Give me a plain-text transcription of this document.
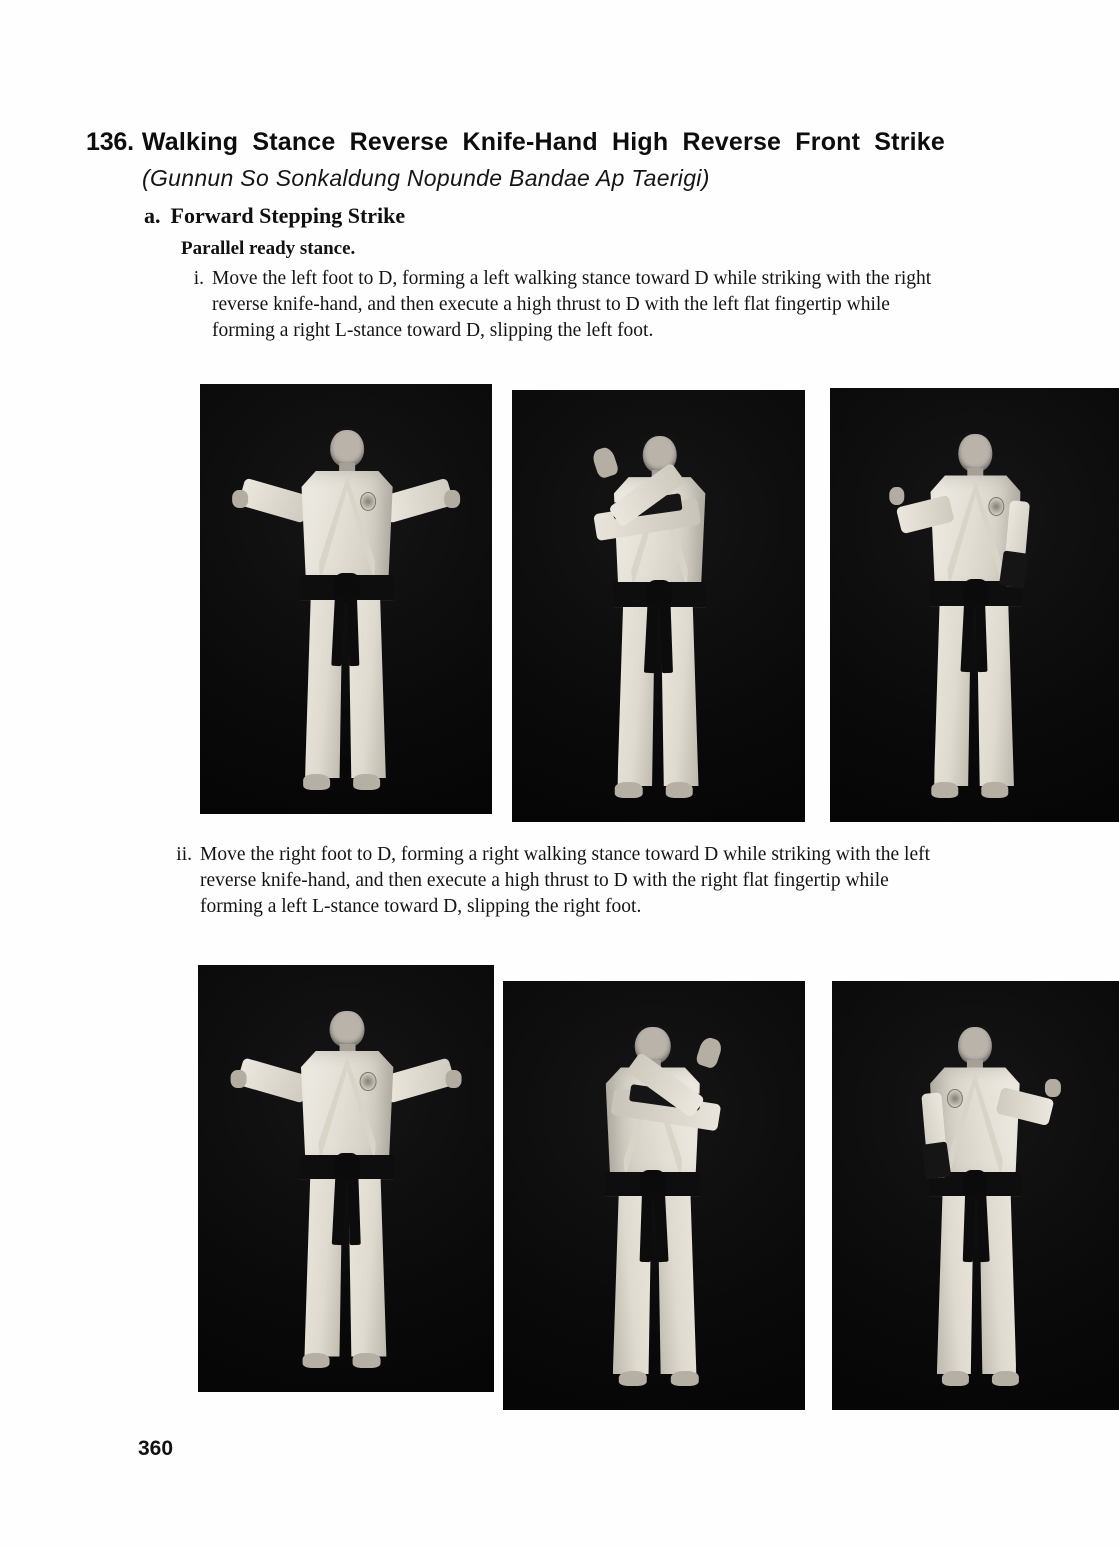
136. Walking Stance Reverse Knife-Hand High Reverse Front Strike
(Gunnun So Sonkaldung Nopunde Bandae Ap Taerigi)
a. Forward Stepping Strike
Parallel ready stance.
i. Move the left foot to D, forming a left walking stance toward D while striking with the right reverse knife-hand, and then execute a high thrust to D with the left flat fingertip while forming a right L-stance toward D, slipping the left foot.
ii. Move the right foot to D, forming a right walking stance toward D while striking with the left reverse knife-hand, and then execute a high thrust to D with the right flat fingertip while forming a left L-stance toward D, slipping the right foot.
360
